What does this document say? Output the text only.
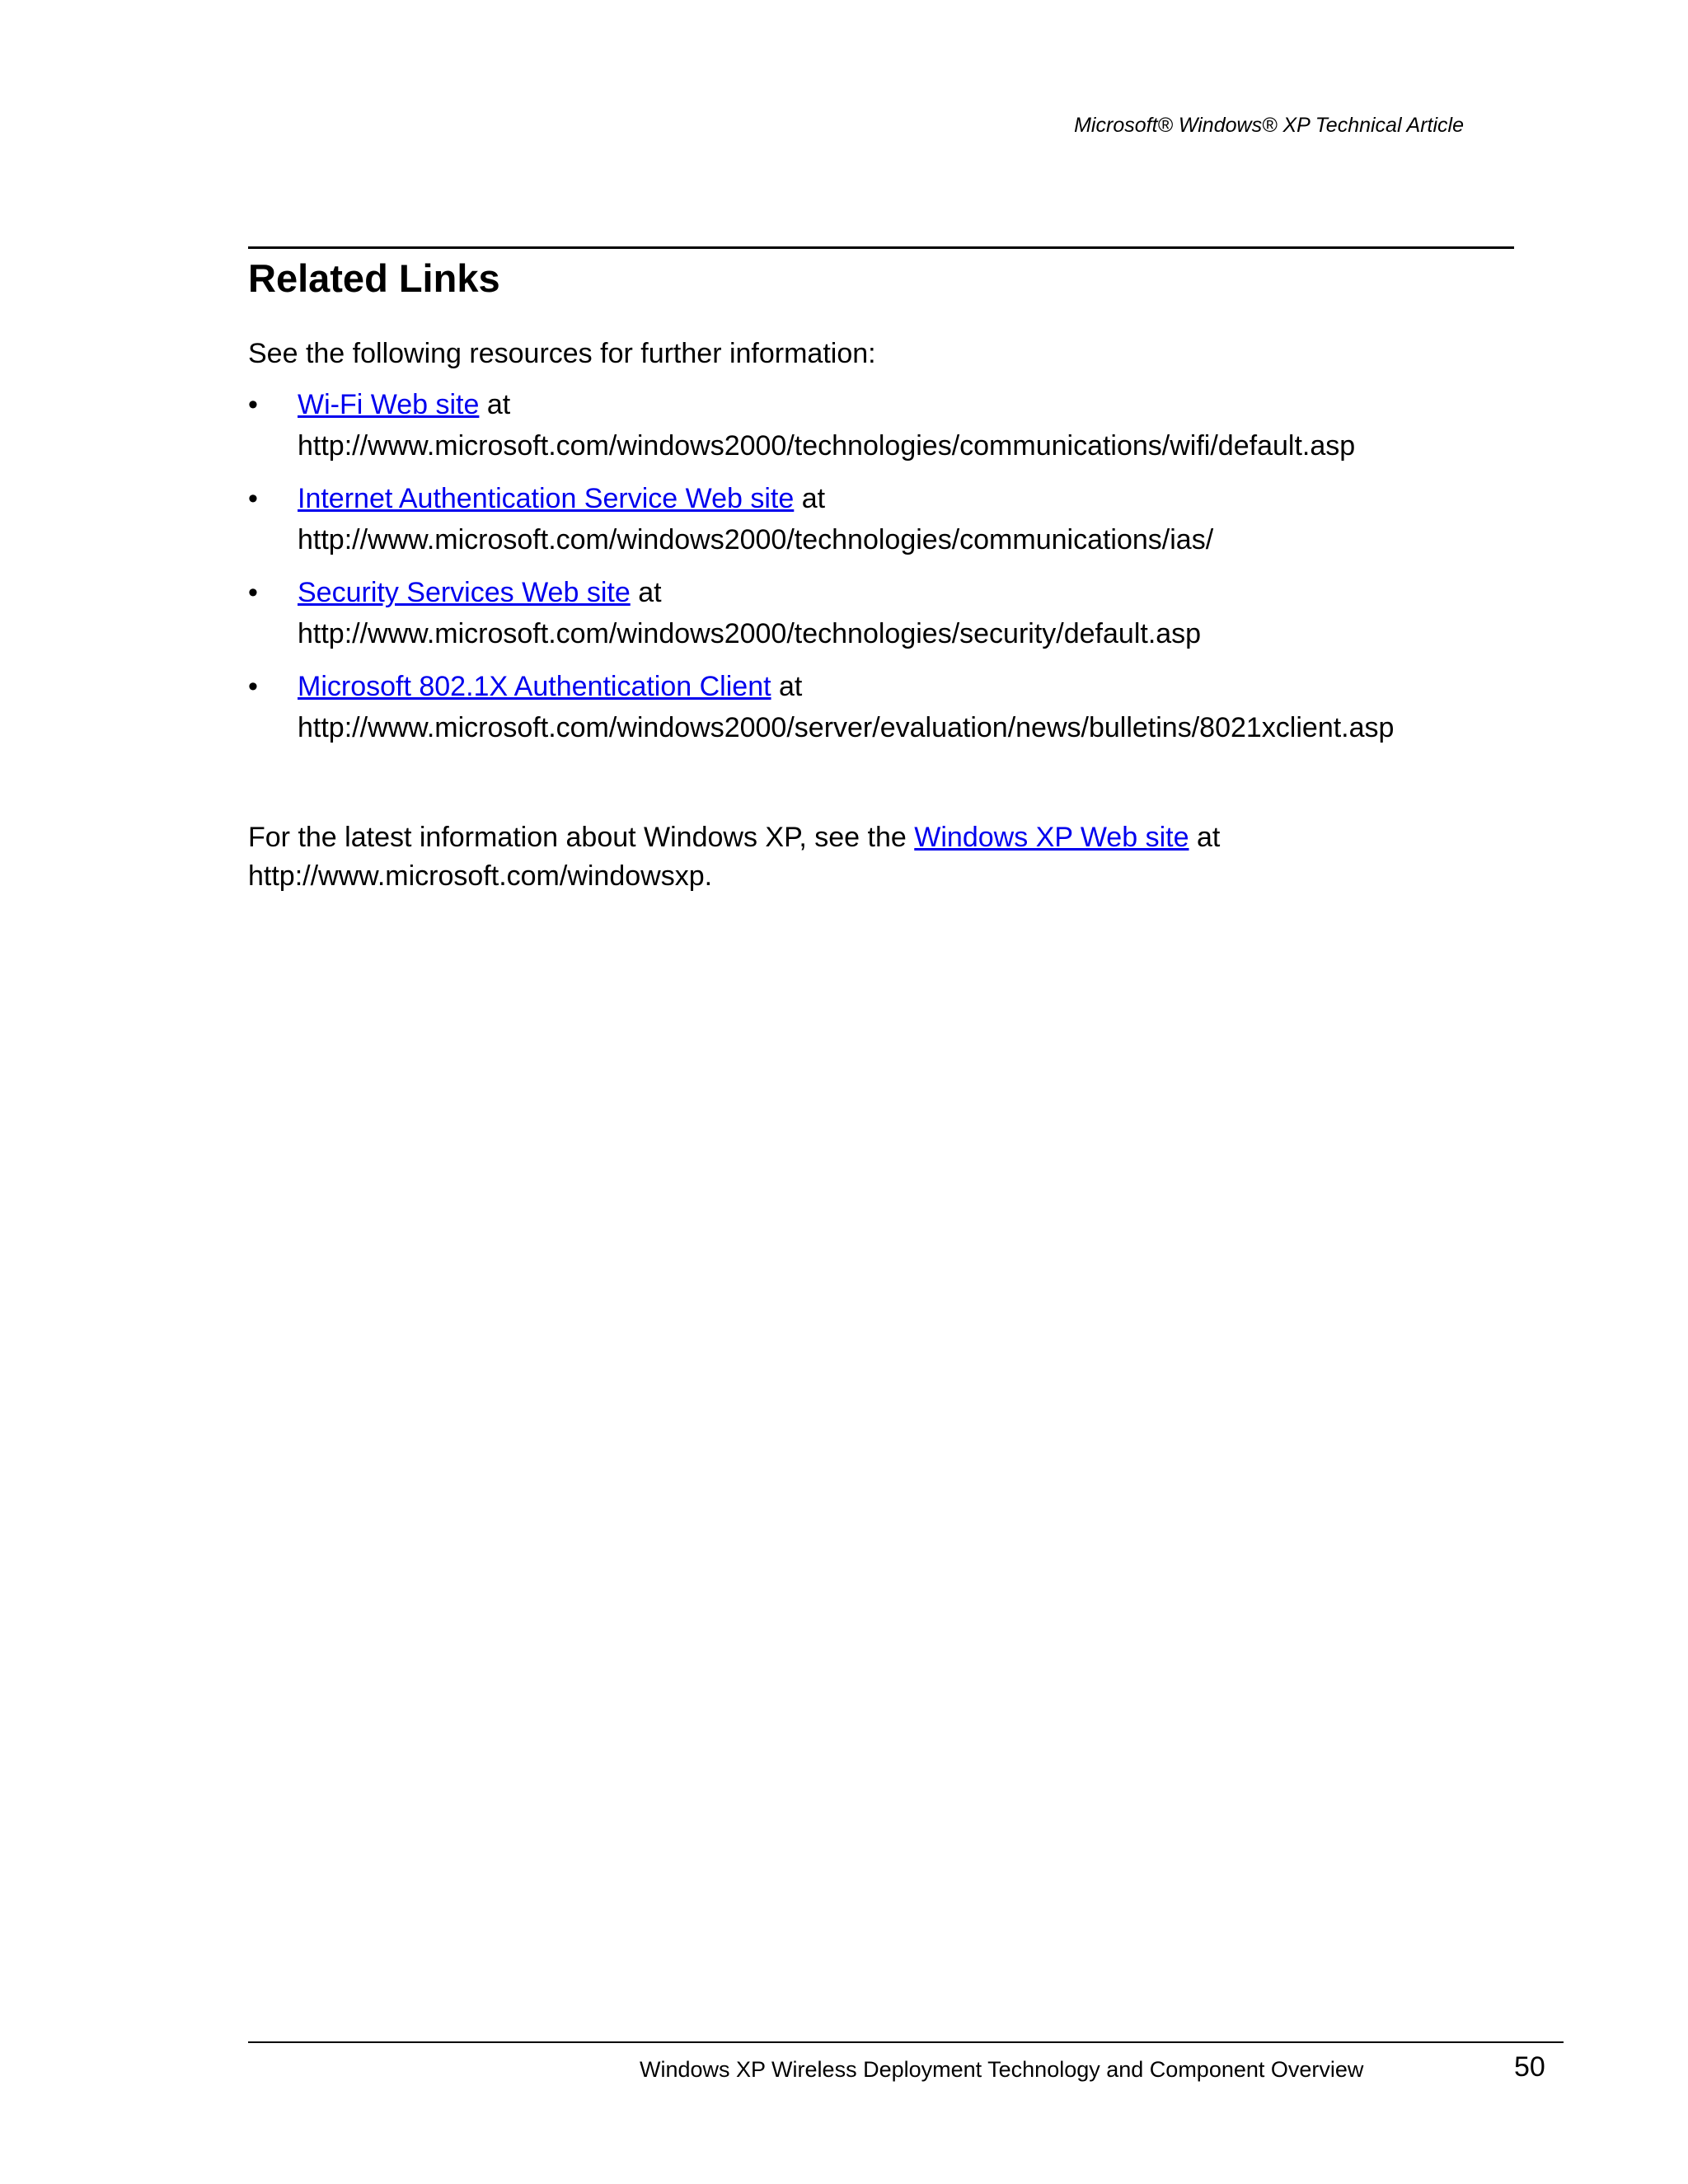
Microsoft® Windows® XP Technical Article
Related Links

See the following resources for further information:

•	Wi-Fi Web site at
http://www.microsoft.com/windows2000/technologies/communications/wifi/default.asp
•	Internet Authentication Service Web site at
http://www.microsoft.com/windows2000/technologies/communications/ias/
•	Security Services Web site at
http://www.microsoft.com/windows2000/technologies/security/default.asp
•	Microsoft 802.1X Authentication Client at
http://www.microsoft.com/windows2000/server/evaluation/news/bulletins/8021xclient.asp

For the latest information about Windows XP, see the Windows XP Web site at
http://www.microsoft.com/windowsxp.

Windows XP Wireless Deployment Technology and Component Overview	50
